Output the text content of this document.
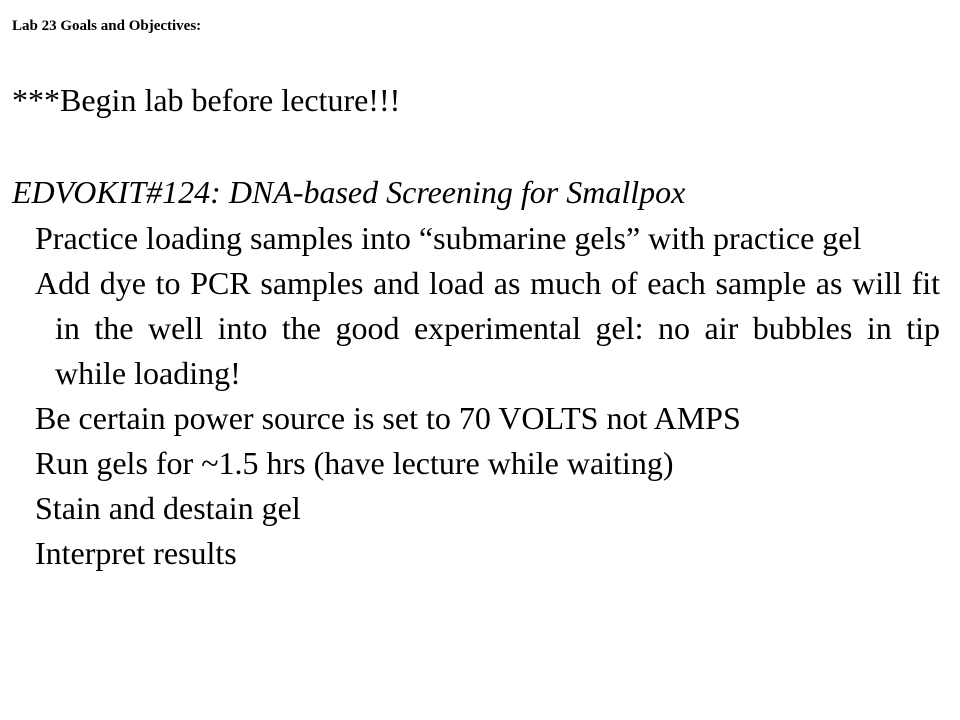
Lab 23 Goals and Objectives:
***Begin lab before lecture!!!
EDVOKIT#124: DNA-based Screening for Smallpox
Practice loading samples into “submarine gels” with practice gel
Add dye to PCR samples and load as much of each sample as will fit in the well into the good experimental gel: no air bubbles in tip while loading!
Be certain power source is set to 70 VOLTS not AMPS
Run gels for ~1.5 hrs (have lecture while waiting)
Stain and destain gel
Interpret results
